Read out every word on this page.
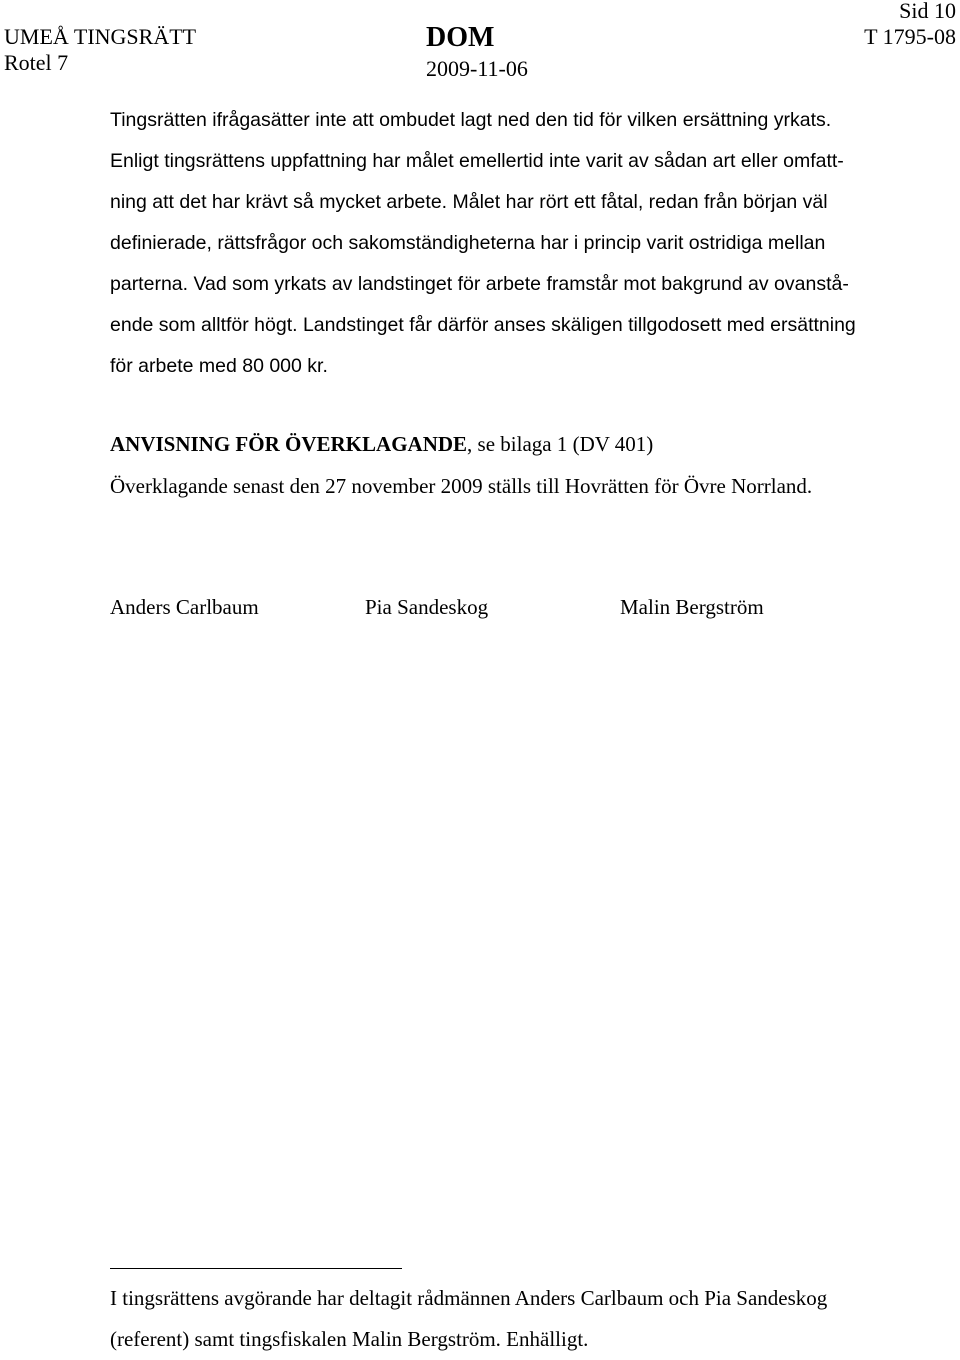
UMEÅ TINGSRÄTT
Rotel 7
DOM
2009-11-06
Sid 10
T 1795-08
Tingsrätten ifrågasätter inte att ombudet lagt ned den tid för vilken ersättning yrkats.
Enligt tingsrättens uppfattning har målet emellertid inte varit av sådan art eller omfatt-
ning att det har krävt så mycket arbete. Målet har rört ett fåtal, redan från början väl
definierade, rättsfrågor och sakomständigheterna har i princip varit ostridiga mellan
parterna. Vad som yrkats av landstinget för arbete framstår mot bakgrund av ovanstå-
ende som alltför högt. Landstinget får därför anses skäligen tillgodosett med ersättning
för arbete med 80 000 kr.
ANVISNING FÖR ÖVERKLAGANDE, se bilaga 1 (DV 401)
Överklagande senast den 27 november 2009 ställs till Hovrätten för Övre Norrland.
Anders Carlbaum	Pia Sandeskog	Malin Bergström
I tingsrättens avgörande har deltagit rådmännen Anders Carlbaum och Pia Sandeskog
(referent) samt tingsfiskalen Malin Bergström. Enhälligt.
